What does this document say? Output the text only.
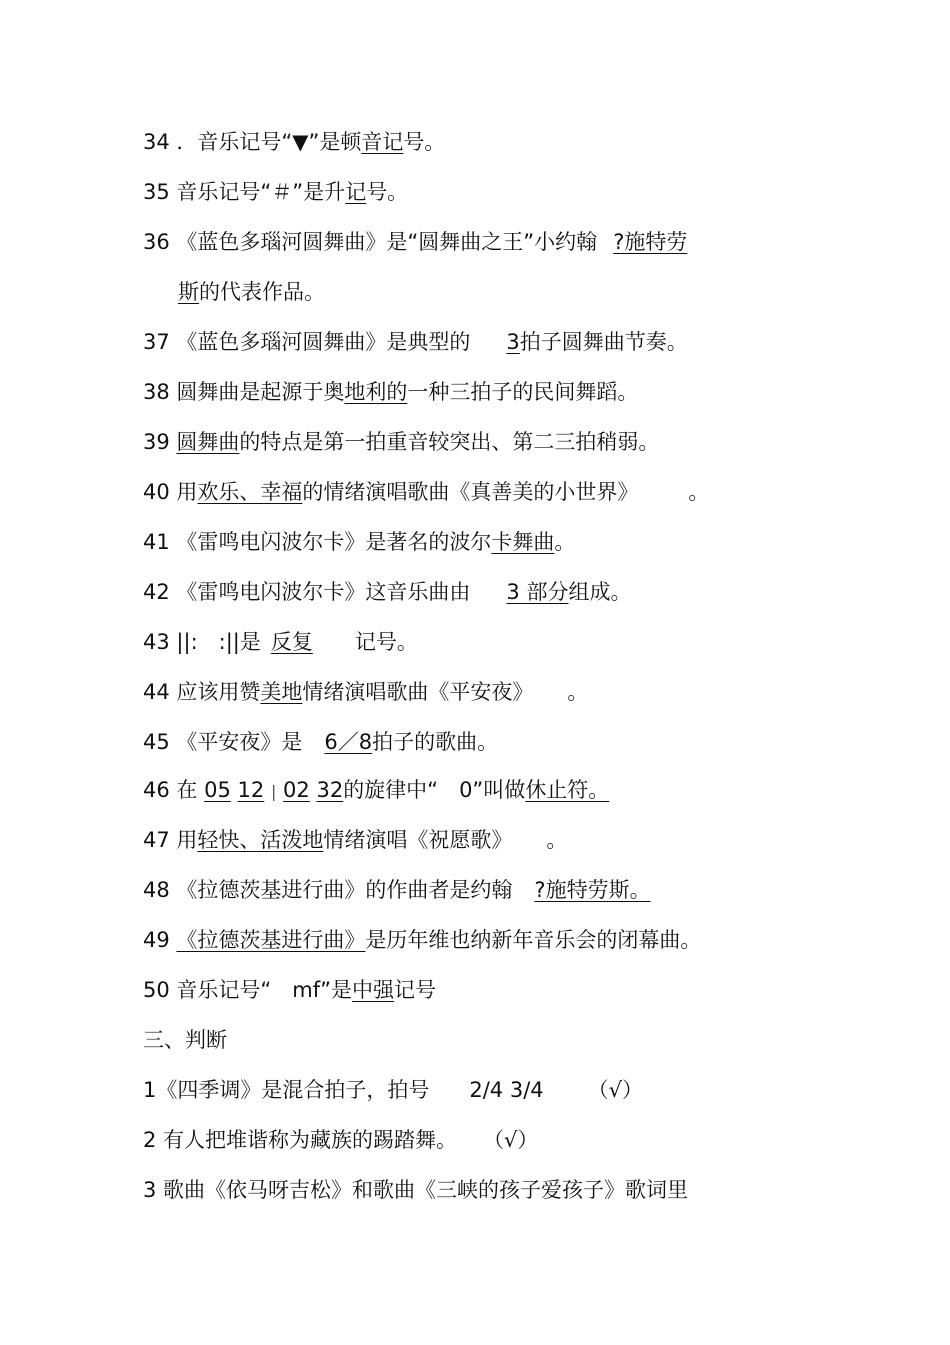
34 ．音乐记号“▼”是顿音记号。
35 音乐记号“＃”是升记号。
36 《蓝色多瑙河圆舞曲》是“圆舞曲之王”小约翰 ?施特劳
斯的代表作品。
37 《蓝色多瑙河圆舞曲》是典型的 3拍子圆舞曲节奏。
38 圆舞曲是起源于奥地利的一种三拍子的民间舞蹈。
39 圆舞曲的特点是第一拍重音较突出、第二三拍稍弱。
40 用欢乐、幸福的情绪演唱歌曲《真善美的小世界》 。
41 《雷鸣电闪波尔卡》是著名的波尔卡舞曲。
42 《雷鸣电闪波尔卡》这音乐曲由 3 部分组成。
43 ||:　:||是 反复 记号。
44 应该用赞美地情绪演唱歌曲《平安夜》 。
45 《平安夜》是 6／8拍子的歌曲。
46 在 05 12 | 02 32的旋律中“　0”叫做休止符。
47 用轻快、活泼地情绪演唱《祝愿歌》 。
48 《拉德茨基进行曲》的作曲者是约翰 ?施特劳斯。
49 《拉德茨基进行曲》是历年维也纳新年音乐会的闭幕曲。
50 音乐记号“　mf”是中强记号
三、判断
1《四季调》是混合拍子，拍号 2/4 3/4 （√）
2 有人把堆谐称为藏族的踢踏舞。 （√）
3 歌曲《依马呀吉松》和歌曲《三峡的孩子爱孩子》歌词里
